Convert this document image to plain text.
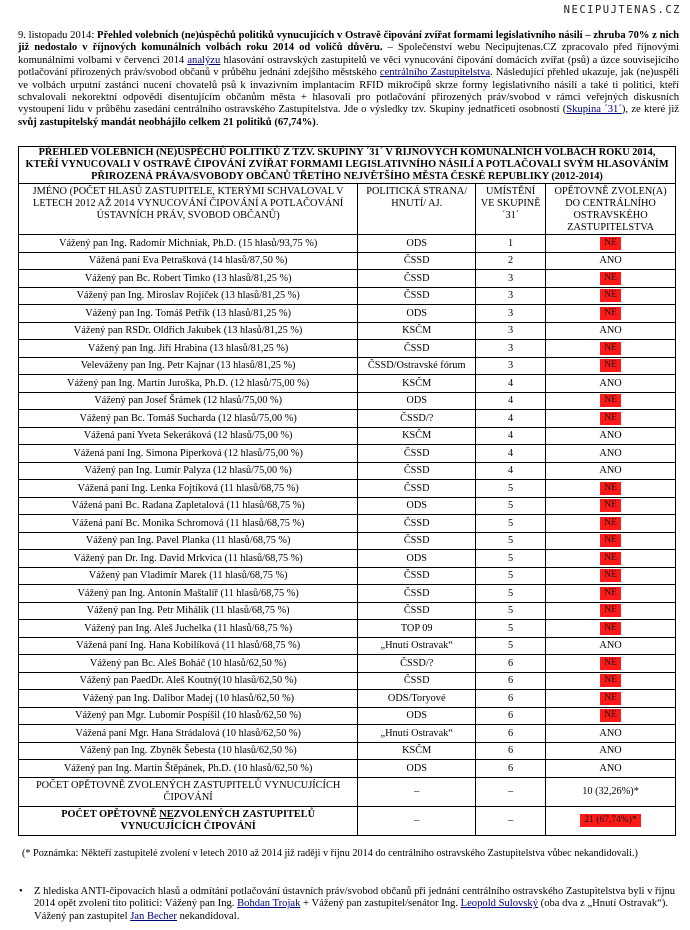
NECIPUJTENAS.CZ
9. listopadu 2014: Přehled volebních (ne)úspěchů politiků vynucujících v Ostravě čipování zvířat formami legislativního násilí – zhruba 70% z nich již nedostalo v říjnových komunálních volbách roku 2014 od voličů důvěru. – Společenství webu Necipujtenas.CZ zpracovalo před říjnovými komunálními volbami v červenci 2014 analýzu hlasování ostravských zastupitelů ve věci vynucování čipování domácích zvířat (psů) a úzce souvisejícího potlačování přirozených práv/svobod občanů v průběhu jednání zdejšího městského centrálního Zastupitelstva. Následující přehled ukazuje, jak (ne)uspěli ve volbách urputní zastánci nucení chovatelů psů k invazivním implantacím RFID mikročipů skrze formy legislativního násilí a také ti politici, kteří schvalovali nekorektní odpovědi disentujícím občanům města + hlasovali pro potlačování přirozených práv/svobod v rámci veřejných diskusních vystoupení lidu v průběhu zasedání centrálního ostravského Zastupitelstva. Jde o výsledky tzv. Skupiny jednatřiceti osobností (Skupina ´31´), ze které již svůj zastupitelský mandát neobhájilo celkem 21 politiků (67,74%).
PŘEHLED VOLEBNÍCH (NE)ÚSPĚCHŮ POLITIKŮ Z TZV. SKUPINY ´31´ V ŘÍJNOVÝCH KOMUNÁLNÍCH VOLBÁCH ROKU 2014, KTEŘÍ VYNUCOVALI V OSTRAVĚ ČIPOVÁNÍ ZVÍŘAT FORMAMI LEGISLATIVNÍHO NÁSILÍ A POTLAČOVALI SVÝM HLASOVÁNÍM PŘIROZENÁ PRÁVA/SVOBODY OBČANŮ TŘETÍHO NEJVĚTŠÍHO MĚSTA ČESKÉ REPUBLIKY (2012-2014)			
JMÉNO (POČET HLASŮ ZASTUPITELE, KTERÝMI SCHVALOVAL V LETECH 2012 AŽ 2014 VYNUCOVÁNÍ ČIPOVÁNÍ A POTLAČOVÁNÍ ÚSTAVNÍCH PRÁV, SVOBOD OBČANŮ)	POLITICKÁ STRANA/ HNUTÍ/ AJ.	UMÍSTĚNÍ VE SKUPINĚ ´31´	OPĚTOVNĚ ZVOLEN(A) DO CENTRÁLNÍHO OSTRAVSKÉHO ZASTUPITELSTVA
Vážený pan Ing. Radomír Michniak, Ph.D. (15 hlasů/93,75 %)	ODS	1	NE
Vážená paní Eva Petrašková (14 hlasů/87,50 %)	ČSSD	2	ANO
Vážený pan Bc. Robert Timko (13 hlasů/81,25 %)	ČSSD	3	NE
Vážený pan Ing. Miroslav Rojíček (13 hlasů/81,25 %)	ČSSD	3	NE
Vážený pan Ing. Tomáš Petřík (13 hlasů/81,25 %)	ODS	3	NE
Vážený pan RSDr. Oldřich Jakubek (13 hlasů/81,25 %)	KSČM	3	ANO
Vážený pan Ing. Jiří Hrabina (13 hlasů/81,25 %)	ČSSD	3	NE
Veleváženy pan Ing. Petr Kajnar (13 hlasů/81,25 %)	ČSSD/Ostravské fórum	3	NE
Vážený pan Ing. Martin Juroška, Ph.D. (12 hlasů/75,00 %)	KSČM	4	ANO
Vážený pan Josef Šrámek (12 hlasů/75,00 %)	ODS	4	NE
Vážený pan Bc. Tomáš Sucharda (12 hlasů/75,00 %)	ČSSD/?	4	NE
Vážená paní Yveta Sekeráková (12 hlasů/75,00 %)	KSČM	4	ANO
Vážená paní Ing. Simona Piperková (12 hlasů/75,00 %)	ČSSD	4	ANO
Vážený pan Ing. Lumír Palyza (12 hlasů/75,00 %)	ČSSD	4	ANO
Vážená paní Ing. Lenka Fojtíková (11 hlasů/68,75 %)	ČSSD	5	NE
Vážená paní Bc. Radana Zapletalová (11 hlasů/68,75 %)	ODS	5	NE
Vážená paní Bc. Monika Schromová (11 hlasů/68,75 %)	ČSSD	5	NE
Vážený pan Ing. Pavel Planka (11 hlasů/68,75 %)	ČSSD	5	NE
Vážený pan Dr. Ing. David Mrkvica (11 hlasů/68,75 %)	ODS	5	NE
Vážený pan Vladimír Marek (11 hlasů/68,75 %)	ČSSD	5	NE
Vážený pan Ing. Antonín Maštalíř (11 hlasů/68,75 %)	ČSSD	5	NE
Vážený pan Ing. Petr Mihálik (11 hlasů/68,75 %)	ČSSD	5	NE
Vážený pan Ing. Aleš Juchelka (11 hlasů/68,75 %)	TOP 09	5	NE
Vážená paní Ing. Hana Kobilíková (11 hlasů/68,75 %)	„Hnutí Ostravak“	5	ANO
Vážený pan Bc. Aleš Boháč (10 hlasů/62,50 %)	ČSSD/?	6	NE
Vážený pan PaedDr. Aleš Koutný(10 hlasů/62,50 %)	ČSSD	6	NE
Vážený pan Ing. Dalibor Madej (10 hlasů/62,50 %)	ODS/Toryové	6	NE
Vážený pan Mgr. Lubomír Pospíšil (10 hlasů/62,50 %)	ODS	6	NE
Vážená paní Mgr. Hana Strádalová (10 hlasů/62,50 %)	„Hnutí Ostravak“	6	ANO
Vážený pan Ing. Zbyněk Šebesta (10 hlasů/62,50 %)	KSČM	6	ANO
Vážený pan Ing. Martin Štěpánek, Ph.D. (10 hlasů/62,50 %)	ODS	6	ANO
POČET OPĚTOVNĚ ZVOLENÝCH ZASTUPITELŮ VYNUCUJÍCÍCH ČIPOVÁNÍ	–	–	10 (32,26%)*
POČET OPĚTOVNĚ NEZVOLENÝCH ZASTUPITELŮ VYNUCUJÍCÍCH ČIPOVÁNÍ	–	–	21 (67,74%)*
(* Poznámka: Někteří zastupitelé zvolení v letech 2010 až 2014 již raději v říjnu 2014 do centrálního ostravského Zastupitelstva vůbec nekandidovali.)
• Z hlediska ANTI-čipovacích hlasů a odmítání potlačování ústavních práv/svobod občanů při jednání centrálního ostravského Zastupitelstva byli v říjnu 2014 opět zvoleni tito politici: Vážený pan Ing. Bohdan Trojak + Vážený pan zastupitel/senátor Ing. Leopold Sulovský (oba dva z „Hnutí Ostravak“). Vážený pan zastupitel Jan Becher nekandidoval.
